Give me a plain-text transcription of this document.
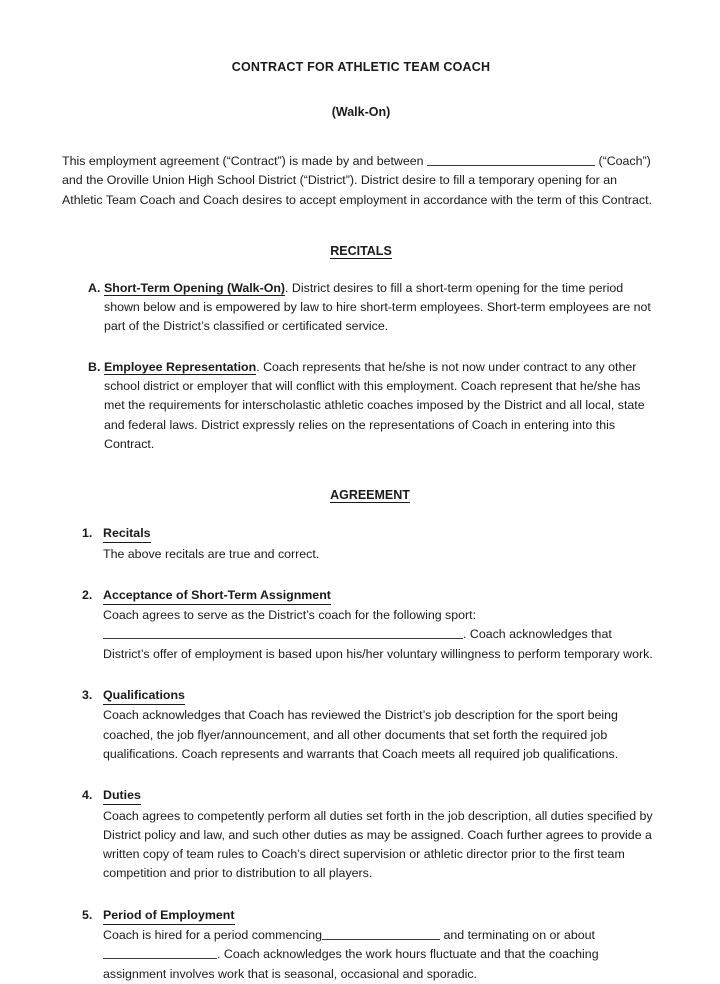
CONTRACT FOR ATHLETIC TEAM COACH
(Walk-On)

This employment agreement (“Contract”) is made by and between	(“Coach”) and the Oroville Union High School District (“District”). District desire to fill a temporary opening for an Athletic Team Coach and Coach desires to accept employment in accordance with the term of this Contract.

RECITALS
A. Short-Term Opening (Walk-On). District desires to fill a short-term opening for the time period shown below and is empowered by law to hire short-term employees. Short-term employees are not part of the District’s classified or certificated service.
B. Employee Representation. Coach represents that he/she is not now under contract to any other school district or employer that will conflict with this employment. Coach represent that he/she has met the requirements for interscholastic athletic coaches imposed by the District and all local, state and federal laws. District expressly relies on the representations of Coach in entering into this Contract.
AGREEMENT
1. Recitals
The above recitals are true and correct.
2. Acceptance of Short-Term Assignment
Coach agrees to serve as the District’s coach for the following sport:. Coach acknowledges that District’s offer of employment is based upon his/her voluntary willingness to perform temporary work.
3. Qualifications
Coach acknowledges that Coach has reviewed the District’s job description for the sport being coached, the job flyer/announcement, and all other documents that set forth the required job qualifications. Coach represents and warrants that Coach meets all required job qualifications.
4. Duties
Coach agrees to competently perform all duties set forth in the job description, all duties specified by District policy and law, and such other duties as may be assigned. Coach further agrees to provide a written copy of team rules to Coach’s direct supervision or athletic director prior to the first team competition and prior to distribution to all players.
5. Period of Employment
Coach is hired for a period commencing	and terminating on or about . Coach acknowledges the work hours fluctuate and that the coaching assignment involves work that is seasonal, occasional and sporadic.
